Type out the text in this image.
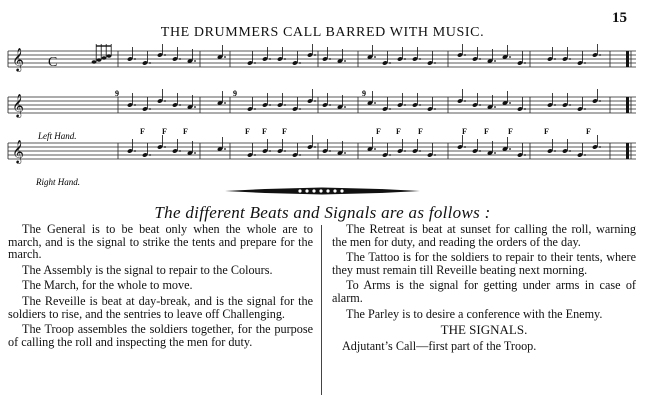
15
THE DRUMMERS CALL BARRED WITH MUSIC.
𝄞
𝄞
𝄞
F F F	F F F	F F F	F F F	F	F
C
Left Hand.
Right Hand.
9	9	9
The different Beats and Signals are as follows :

The General is to be beat only when the whole are to march, and is the signal to strike the tents and prepare for the march.

The Assembly is the signal to repair to the Colours.

The March, for the whole to move.

The Reveille is beat at day-break, and is the signal for the soldiers to rise, and the sentries to leave off Challenging.

The Troop assembles the soldiers together, for the purpose of calling the roll and inspecting the men for duty.

The Retreat is beat at sunset for calling the roll, warning the men for duty, and reading the orders of the day.

The Tattoo is for the soldiers to repair to their tents, where they must remain till Reveille beating next morning.

To Arms is the signal for getting under arms in case of alarm.

The Parley is to desire a conference with the Enemy.

THE SIGNALS.

Adjutant’s Call—first part of the Troop.
